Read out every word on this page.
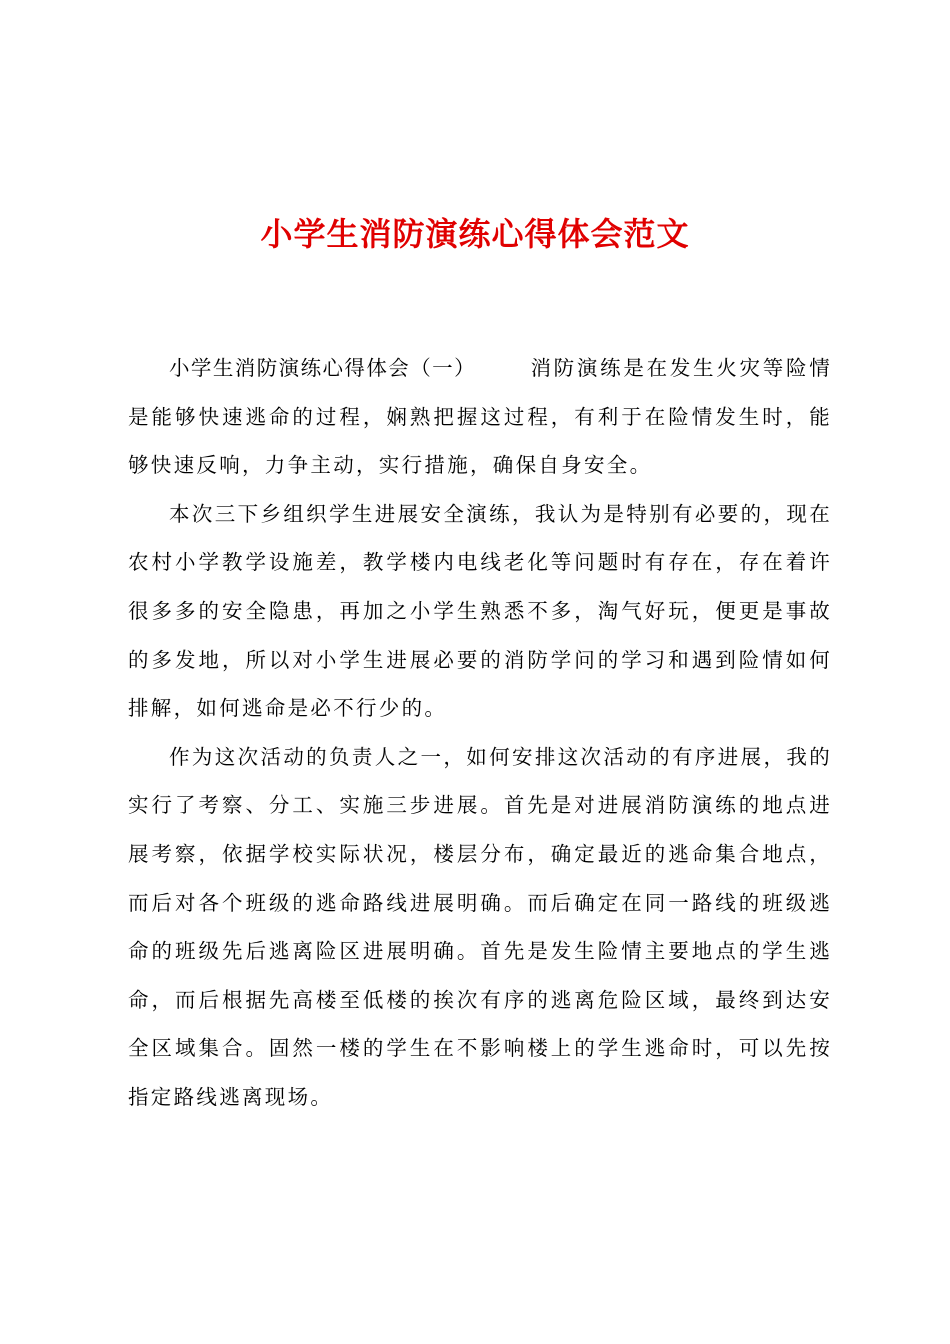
小学生消防演练心得体会范文

小学生消防演练心得体会（一）	消防演练是在发生火灾等险情是能够快速逃命的过程，娴熟把握这过程，有利于在险情发生时，能够快速反响，力争主动，实行措施，确保自身安全。

本次三下乡组织学生进展安全演练，我认为是特别有必要的，现在农村小学教学设施差，教学楼内电线老化等问题时有存在，存在着许很多多的安全隐患，再加之小学生熟悉不多，淘气好玩，便更是事故的多发地，所以对小学生进展必要的消防学问的学习和遇到险情如何排解，如何逃命是必不行少的。

作为这次活动的负责人之一，如何安排这次活动的有序进展，我的实行了考察、分工、实施三步进展。首先是对进展消防演练的地点进展考察，依据学校实际状况，楼层分布，确定最近的逃命集合地点，而后对各个班级的逃命路线进展明确。而后确定在同一路线的班级逃命的班级先后逃离险区进展明确。首先是发生险情主要地点的学生逃命，而后根据先高楼至低楼的挨次有序的逃离危险区域，最终到达安全区域集合。固然一楼的学生在不影响楼上的学生逃命时，可以先按指定路线逃离现场。
